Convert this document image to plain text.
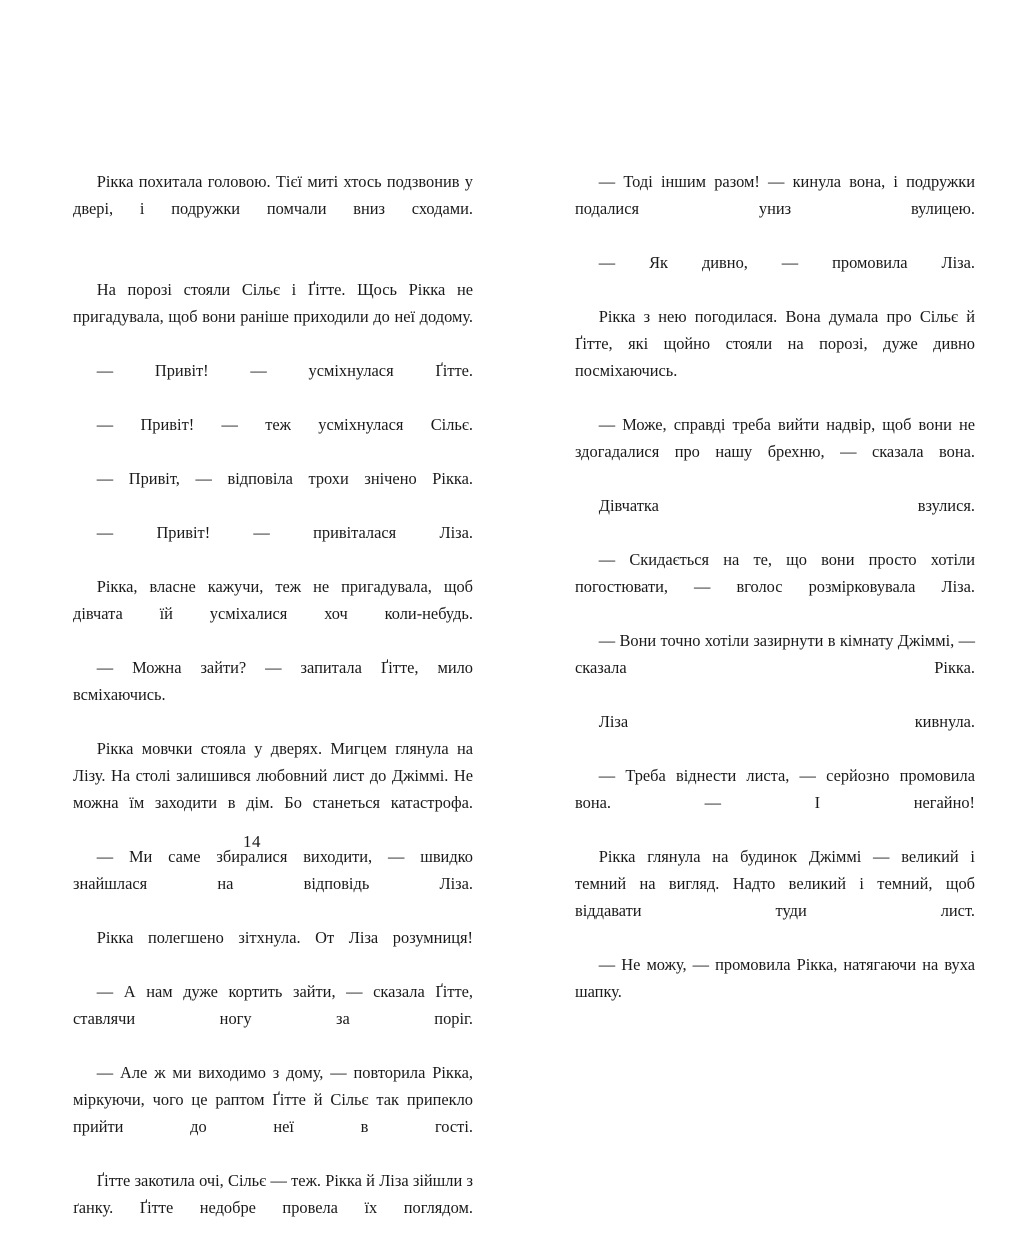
Рікка похитала головою. Тієї миті хтось подзвонив у двері, і подружки помчали вниз сходами.

На порозі стояли Сільє і Ґітте. Щось Рікка не пригадувала, щоб вони раніше приходили до неї додому.

— Привіт! — усміхнулася Ґітте.

— Привіт! — теж усміхнулася Сільє.

— Привіт, — відповіла трохи знічено Рікка.

— Привіт! — привіталася Ліза.

Рікка, власне кажучи, теж не пригадувала, щоб дівчата їй усміхалися хоч коли-небудь.

— Можна зайти? — запитала Ґітте, мило всміхаючись.

Рікка мовчки стояла у дверях. Мигцем глянула на Лізу. На столі залишився любовний лист до Джіммі. Не можна їм заходити в дім. Бо станеться катастрофа.

— Ми саме збиралися виходити, — швидко знайшлася на відповідь Ліза.

Рікка полегшено зітхнула. От Ліза розумниця!

— А нам дуже кортить зайти, — сказала Ґітте, ставлячи ногу за поріг.

— Але ж ми виходимо з дому, — повторила Рікка, міркуючи, чого це раптом Ґітте й Сільє так припекло прийти до неї в гості.

Ґітте закотила очі, Сільє — теж. Рікка й Ліза зійшли з ґанку. Ґітте недобре провела їх поглядом.

14

— Тоді іншим разом! — кинула вона, і подружки подалися униз вулицею.

— Як дивно, — промовила Ліза.

Рікка з нею погодилася. Вона думала про Сільє й Ґітте, які щойно стояли на порозі, дуже дивно посміхаючись.

— Може, справді треба вийти надвір, щоб вони не здогадалися про нашу брехню, — сказала вона.

Дівчатка взулися.

— Скидається на те, що вони просто хотіли погостювати, — вголос розмірковувала Ліза.

— Вони точно хотіли зазирнути в кімнату Джіммі, — сказала Рікка.

Ліза кивнула.

— Треба віднести листа, — серйозно промовила вона. — І негайно!

Рікка глянула на будинок Джіммі — великий і темний на вигляд. Надто великий і темний, щоб віддавати туди лист.

— Не можу, — промовила Рікка, натягаючи на вуха шапку.
